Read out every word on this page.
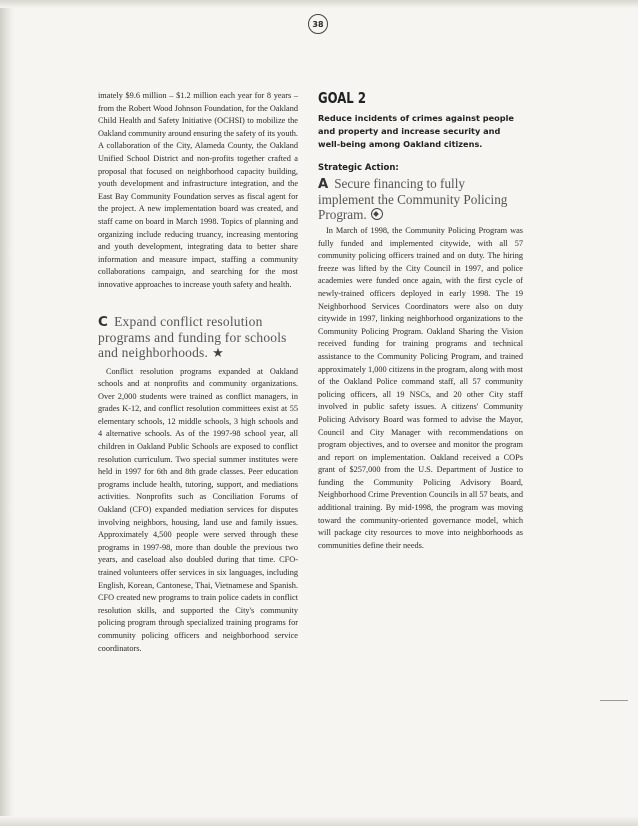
38

imately $9.6 million – $1.2 million each year for 8 years – from the Robert Wood Johnson Foundation, for the Oakland Child Health and Safety Initiative (OCHSI) to mobilize the Oakland community around ensuring the safety of its youth. A collaboration of the City, Alameda County, the Oakland Unified School District and non-profits together crafted a proposal that focused on neighborhood capacity building, youth development and infrastructure integration, and the East Bay Community Foundation serves as fiscal agent for the project. A new implementation board was created, and staff came on board in March 1998. Topics of planning and organizing include reducing truancy, increasing mentoring and youth development, integrating data to better share information and measure impact, staffing a community collaborations campaign, and searching for the most innovative approaches to increase youth safety and health.

C Expand conflict resolution programs and funding for schools and neighborhoods. ★

Conflict resolution programs expanded at Oakland schools and at nonprofits and community organizations. Over 2,000 students were trained as conflict managers, in grades K-12, and conflict resolution committees exist at 55 elementary schools, 12 middle schools, 3 high schools and 4 alternative schools. As of the 1997-98 school year, all children in Oakland Public Schools are exposed to conflict resolution curriculum. Two special summer institutes were held in 1997 for 6th and 8th grade classes. Peer education programs include health, tutoring, support, and mediations activities. Nonprofits such as Conciliation Forums of Oakland (CFO) expanded mediation services for disputes involving neighbors, housing, land use and family issues. Approximately 4,500 people were served through these programs in 1997-98, more than double the previous two years, and caseload also doubled during that time. CFO-trained volunteers offer services in six languages, including English, Korean, Cantonese, Thai, Vietnamese and Spanish. CFO created new programs to train police cadets in conflict resolution skills, and supported the City's community policing program through specialized training programs for community policing officers and neighborhood service coordinators.

GOAL 2

Reduce incidents of crimes against people and property and increase security and well-being among Oakland citizens.

Strategic Action:
A Secure financing to fully implement the Community Policing Program.

In March of 1998, the Community Policing Program was fully funded and implemented citywide, with all 57 community policing officers trained and on duty. The hiring freeze was lifted by the City Council in 1997, and police academies were funded once again, with the first cycle of newly-trained officers deployed in early 1998. The 19 Neighborhood Services Coordinators were also on duty citywide in 1997, linking neighborhood organizations to the Community Policing Program. Oakland Sharing the Vision received funding for training programs and technical assistance to the Community Policing Program, and trained approximately 1,000 citizens in the program, along with most of the Oakland Police command staff, all 57 community policing officers, all 19 NSCs, and 20 other City staff involved in public safety issues. A citizens' Community Policing Advisory Board was formed to advise the Mayor, Council and City Manager with recommendations on program objectives, and to oversee and monitor the program and report on implementation. Oakland received a COPs grant of $257,000 from the U.S. Department of Justice to funding the Community Policing Advisory Board, Neighborhood Crime Prevention Councils in all 57 beats, and additional training. By mid-1998, the program was moving toward the community-oriented governance model, which will package city resources to move into neighborhoods as communities define their needs.
